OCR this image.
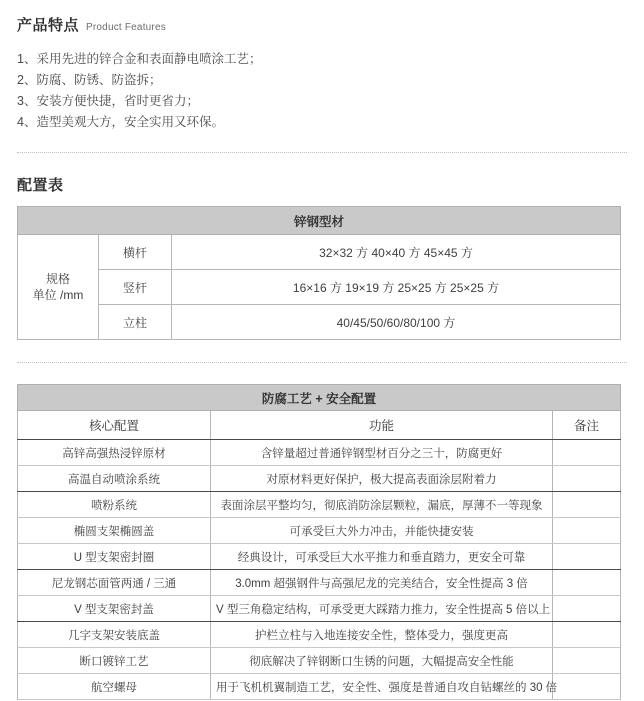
产品特点 Product Features
1、采用先进的锌合金和表面静电喷涂工艺；
2、防腐、防锈、防盗拆；
3、安装方便快捷，省时更省力；
4、造型美观大方，安全实用又环保。
配置表
锌钢型材		

规格
单位 /mm	横杆	32×32 方 40×40 方 45×45 方
	竖杆	16×16 方 19×19 方 25×25 方 25×25 方
	立柱	40/45/50/60/80/100 方
防腐工艺 + 安全配置		
核心配置	功能	备注
高锌高强热浸锌原材	含锌量超过普通锌钢型材百分之三十，防腐更好	
高温自动喷涂系统	对原材料更好保护，极大提高表面涂层附着力	
喷粉系统	表面涂层平整均匀，彻底消防涂层颗粒，漏底，厚薄不一等现象	
椭圆支架椭圆盖	可承受巨大外力冲击，并能快捷安装	
U 型支架密封圈	经典设计，可承受巨大水平推力和垂直踏力，更安全可靠	
尼龙钢芯面管两通 / 三通	3.0mm 超强钢件与高强尼龙的完美结合，安全性提高 3 倍	
V 型支架密封盖	V 型三角稳定结构，可承受更大踩踏力推力，安全性提高 5 倍以上	
几字支架安装底盖	护栏立柱与入地连接安全性，整体受力，强度更高	
断口镀锌工艺	彻底解决了锌钢断口生锈的问题，大幅提高安全性能	
航空螺母	用于飞机机翼制造工艺，安全性、强度是普通自攻自钻螺丝的 30 倍	
